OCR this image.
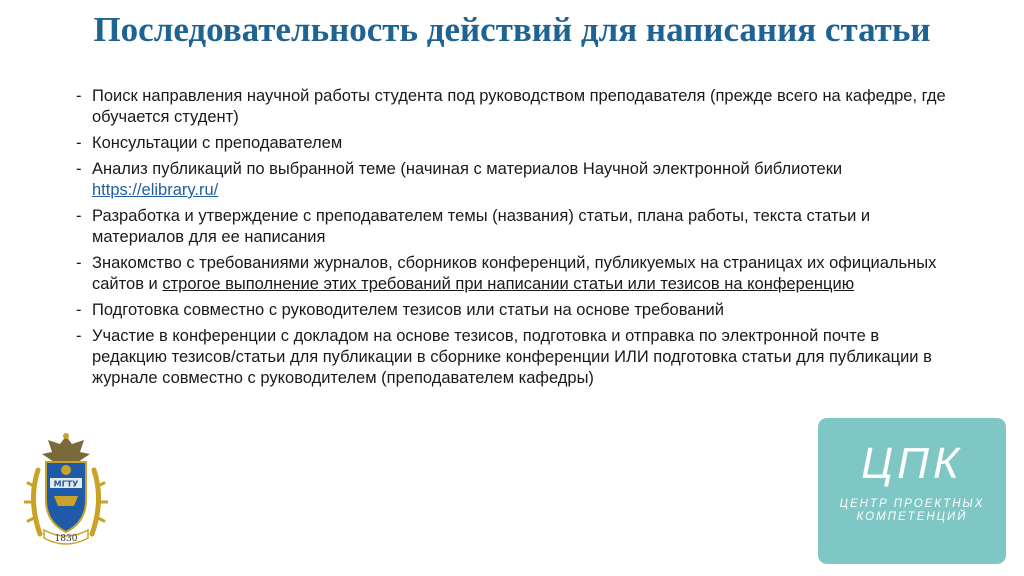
Последовательность действий для написания статьи
- Поиск направления научной работы студента под руководством преподавателя (прежде всего на кафедре, где обучается студент)
- Консультации с преподавателем
- Анализ публикаций по выбранной теме (начиная с материалов Научной электронной библиотеки https://elibrary.ru/
- Разработка и утверждение с преподавателем темы (названия) статьи, плана работы, текста статьи и материалов для ее написания
- Знакомство с требованиями журналов, сборников конференций, публикуемых на страницах их официальных сайтов и строгое выполнение этих требований при написании статьи или тезисов на конференцию
- Подготовка совместно с руководителем тезисов или статьи на основе требований
- Участие в конференции с докладом на основе тезисов, подготовка и отправка по электронной почте в редакцию тезисов/статьи для публикации в сборнике конференции ИЛИ подготовка статьи для публикации в журнале совместно с руководителем (преподавателем кафедры)
МГТУ
1830
ЦПК
ЦЕНТР ПРОЕКТНЫХ
КОМПЕТЕНЦИЙ
